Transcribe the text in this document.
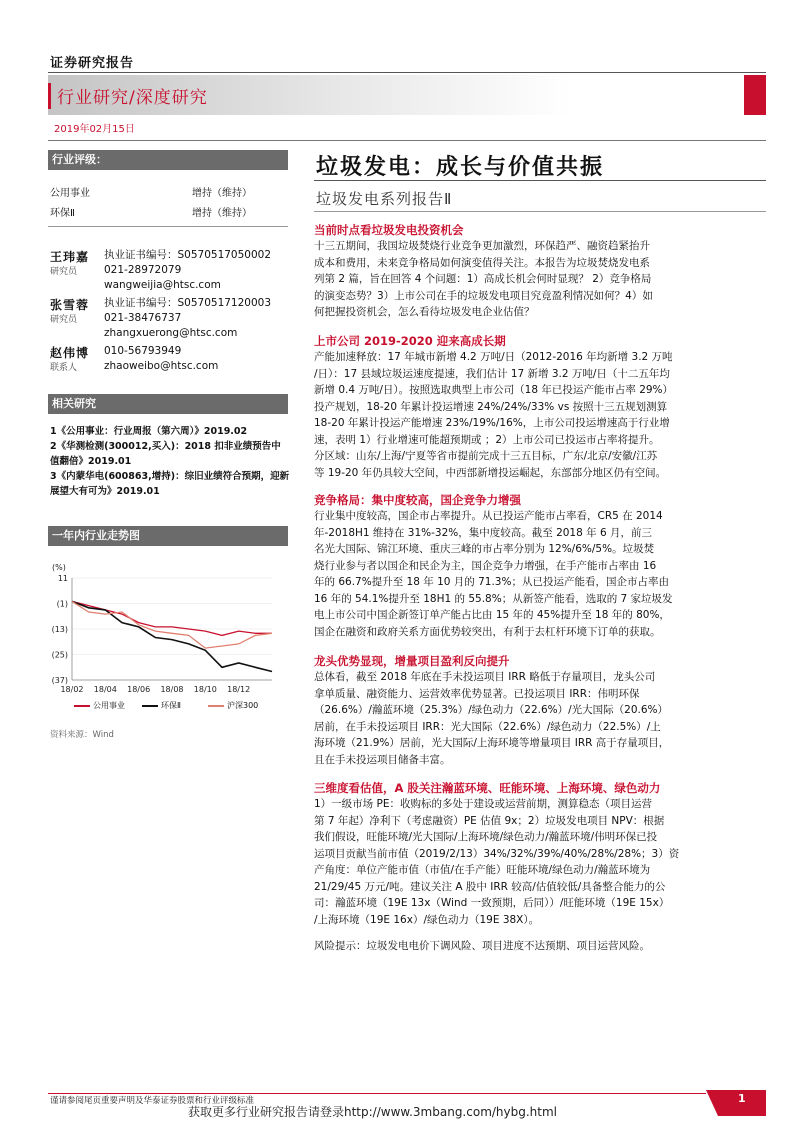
证券研究报告
行业研究/深度研究
2019年02月15日
行业评级：
公用事业	增持（维持）
环保Ⅱ	增持（维持）
王玮嘉
研究员
执业证书编号：S0570517050002
021-28972079
wangweijia@htsc.com
张雪蓉
研究员
执业证书编号：S0570517120003
021-38476737
zhangxuerong@htsc.com
赵伟博
联系人
010-56793949
zhaoweibo@htsc.com
相关研究
1《公用事业：行业周报（第六周）》2019.02
2《华测检测(300012,买入)：2018 扣非业绩预告中值翻倍》2019.01
3《内蒙华电(600863,增持)：综旧业绩符合预期，迎新展望大有可为》2019.01
一年内行业走势图
(%)
11
(1)
(13)
(25)
(37)
18/02 18/04 18/06 18/08 18/10 18/12
公用事业	环保Ⅱ	沪深300
资料来源：Wind
垃圾发电：成长与价值共振
垃圾发电系列报告Ⅱ
当前时点看垃圾发电投资机会
十三五期间，我国垃圾焚烧行业竞争更加激烈，环保趋严、融资趋紧抬升
成本和费用，未来竞争格局如何演变值得关注。本报告为垃圾焚烧发电系
列第 2 篇，旨在回答 4 个问题：1）高成长机会何时显现？ 2）竞争格局
的演变态势？3）上市公司在手的垃圾发电项目究竟盈利情况如何？4）如
何把握投资机会，怎么看待垃圾发电企业估值？
上市公司 2019-2020 迎来高成长期
产能加速释放：17 年城市新增 4.2 万吨/日（2012-2016 年均新增 3.2 万吨
/日）：17 县域垃圾运速度提速，我们估计 17 新增 3.2 万吨/日（十二五年均
新增 0.4 万吨/日）。按照选取典型上市公司（18 年已投运产能市占率 29%）
投产规划，18-20 年累计投运增速 24%/24%/33% vs 按照十三五规划测算
18-20 年累计投运产能增速 23%/19%/16%，上市公司投运增速高于行业增
速，表明 1）行业增速可能超预期或 ；2）上市公司已投运市占率将提升。
分区域：山东/上海/宁夏等省市提前完成十三五目标，广东/北京/安徽/江苏
等 19-20 年仍具较大空间，中西部新增投运崛起，东部部分地区仍有空间。
竞争格局：集中度较高，国企竞争力增强
行业集中度较高，国企市占率提升。从已投运产能市占率看，CR5 在 2014
年-2018H1 维持在 31%-32%，集中度较高。截至 2018 年 6 月，前三
名光大国际、锦江环境、重庆三峰的市占率分别为 12%/6%/5%。垃圾焚
烧行业参与者以国企和民企为主，国企竞争力增强，在手产能市占率由 16
年的 66.7%提升至 18 年 10 月的 71.3%；从已投运产能看，国企市占率由
16 年的 54.1%提升至 18H1 的 55.8%；从新签产能看，选取的 7 家垃圾发
电上市公司中国企新签订单产能占比由 15 年的 45%提升至 18 年的 80%，
国企在融资和政府关系方面优势较突出，有利于去杠杆环境下订单的获取。
龙头优势显现，增量项目盈利反向提升
总体看，截至 2018 年底在手未投运项目 IRR 略低于存量项目，龙头公司
拿单质量、融资能力、运营效率优势显著。已投运项目 IRR：伟明环保
（26.6%）/瀚蓝环境（25.3%）/绿色动力（22.6%）/光大国际（20.6%）
居前，在手未投运项目 IRR：光大国际（22.6%）/绿色动力（22.5%）/上
海环境（21.9%）居前，光大国际/上海环境等增量项目 IRR 高于存量项目，
且在手未投运项目储备丰富。
三维度看估值，A 股关注瀚蓝环境、旺能环境、上海环境、绿色动力
1）一级市场 PE：收购标的多处于建设或运营前期，测算稳态（项目运营
第 7 年起）净利下（考虑融资）PE 估值 9x；2）垃圾发电项目 NPV：根据
我们假设，旺能环境/光大国际/上海环境/绿色动力/瀚蓝环境/伟明环保已投
运项目贡献当前市值（2019/2/13）34%/32%/39%/40%/28%/28%；3）资
产角度：单位产能市值（市值/在手产能）旺能环境/绿色动力/瀚蓝环境为
21/29/45 万元/吨。建议关注 A 股中 IRR 较高/估值较低/具备整合能力的公
司：瀚蓝环境（19E 13x（Wind 一致预期，后同））/旺能环境（19E 15x）
/上海环境（19E 16x）/绿色动力（19E 38X）。
风险提示：垃圾发电电价下调风险、项目进度不达预期、项目运营风险。
谨请参阅尾页重要声明及华泰证券股票和行业评级标准
获取更多行业研究报告请登录http://www.3mbang.com/hybg.html
1
